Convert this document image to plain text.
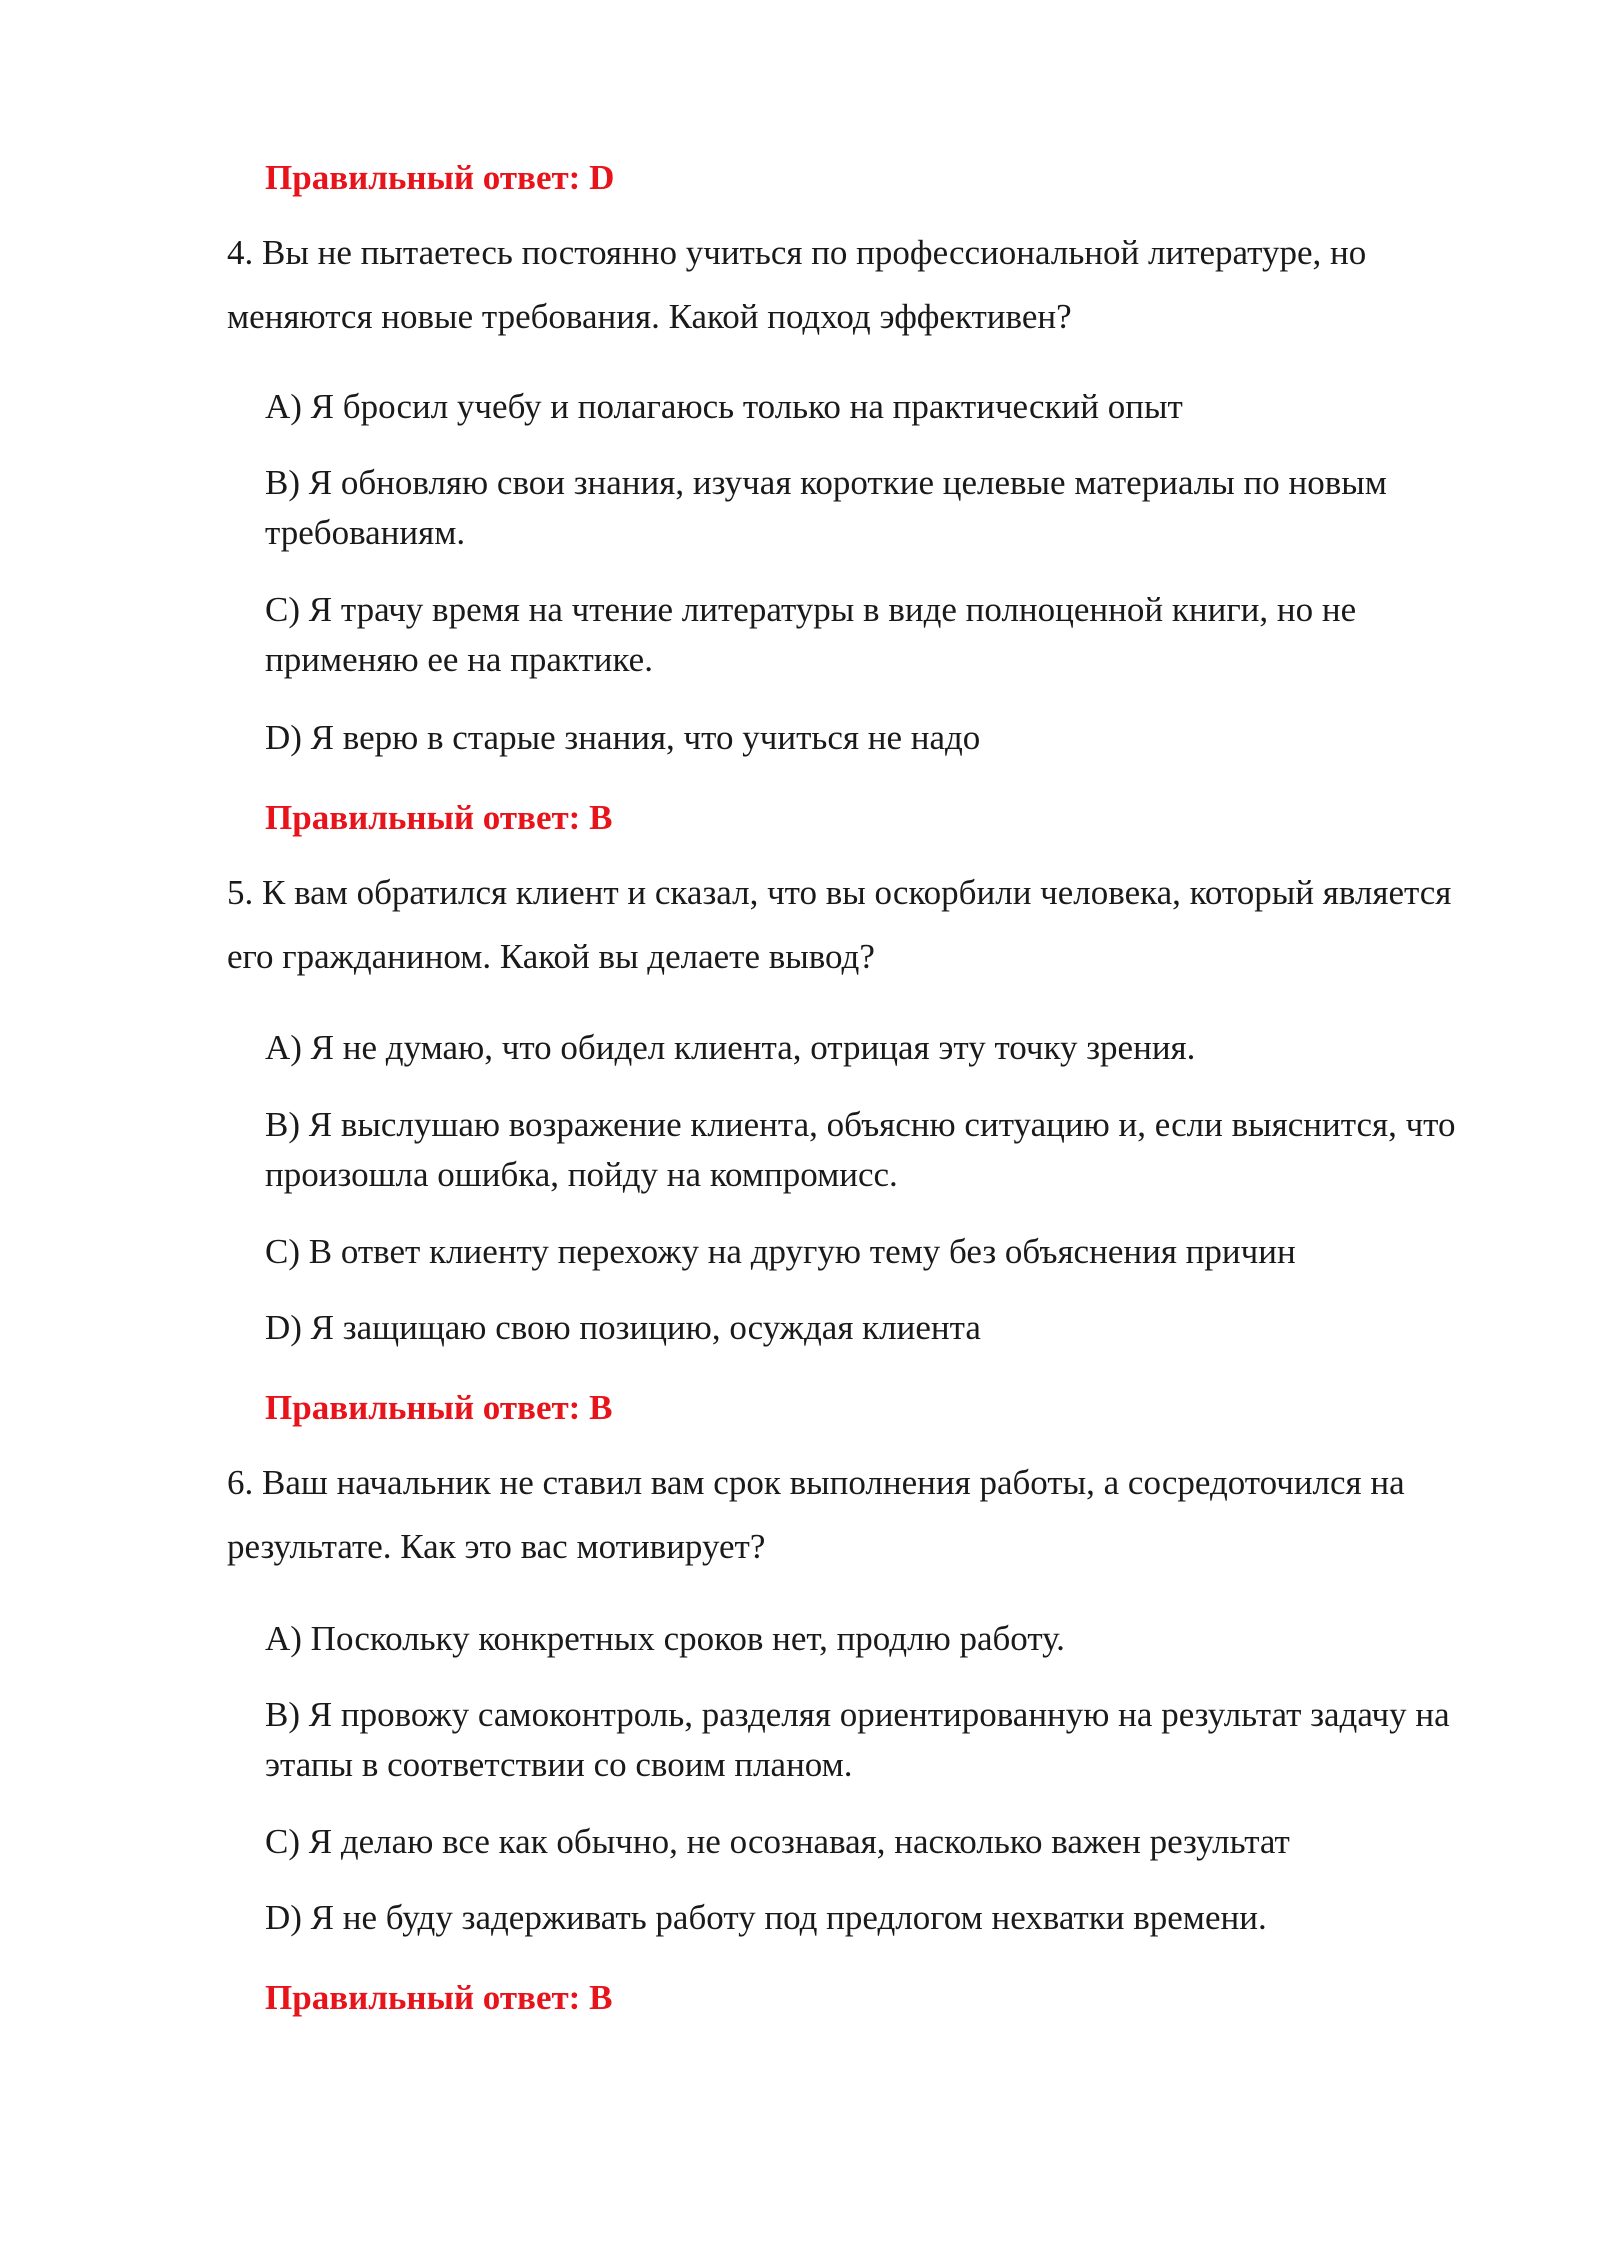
Правильный ответ: D
4. Вы не пытаетесь постоянно учиться по профессиональной литературе, но меняются новые требования. Какой подход эффективен?
A) Я бросил учебу и полагаюсь только на практический опыт
B) Я обновляю свои знания, изучая короткие целевые материалы по новым требованиям.
C) Я трачу время на чтение литературы в виде полноценной книги, но не применяю ее на практике.
D) Я верю в старые знания, что учиться не надо
Правильный ответ: B
5. К вам обратился клиент и сказал, что вы оскорбили человека, который является его гражданином. Какой вы делаете вывод?
A) Я не думаю, что обидел клиента, отрицая эту точку зрения.
B) Я выслушаю возражение клиента, объясню ситуацию и, если выяснится, что произошла ошибка, пойду на компромисс.
C) В ответ клиенту перехожу на другую тему без объяснения причин
D) Я защищаю свою позицию, осуждая клиента
Правильный ответ: B
6. Ваш начальник не ставил вам срок выполнения работы, а сосредоточился на результате. Как это вас мотивирует?
A) Поскольку конкретных сроков нет, продлю работу.
B) Я провожу самоконтроль, разделяя ориентированную на результат задачу на этапы в соответствии со своим планом.
C) Я делаю все как обычно, не осознавая, насколько важен результат
D) Я не буду задерживать работу под предлогом нехватки времени.
Правильный ответ: B
